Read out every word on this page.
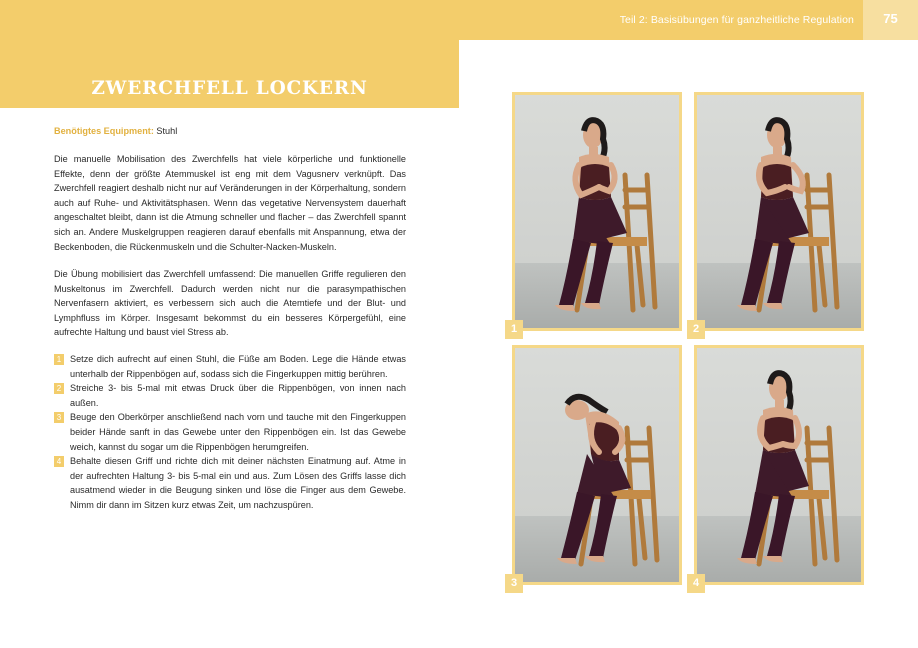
Teil 2: Basisübungen für ganzheitliche Regulation	75
ZWERCHFELL LOCKERN
Benötigtes Equipment: Stuhl
Die manuelle Mobilisation des Zwerchfells hat viele körperliche und funktionelle Effekte, denn der größte Atemmuskel ist eng mit dem Vagusnerv verknüpft. Das Zwerchfell reagiert deshalb nicht nur auf Veränderungen in der Körperhaltung, sondern auch auf Ruhe- und Aktivitätsphasen. Wenn das vegetative Nervensystem dauerhaft angeschaltet bleibt, dann ist die Atmung schneller und flacher – das Zwerchfell spannt sich an. Andere Muskelgruppen reagieren darauf ebenfalls mit Anspannung, etwa der Beckenboden, die Rückenmuskeln und die Schulter-Nacken-Muskeln.
Die Übung mobilisiert das Zwerchfell umfassend: Die manuellen Griffe regulieren den Muskeltonus im Zwerchfell. Dadurch werden nicht nur die parasympathischen Nervenfasern aktiviert, es verbessern sich auch die Atemtiefe und der Blut- und Lymphfluss im Körper. Insgesamt bekommst du ein besseres Körpergefühl, eine aufrechte Haltung und baust viel Stress ab.
1 Setze dich aufrecht auf einen Stuhl, die Füße am Boden. Lege die Hände etwas unterhalb der Rippenbögen auf, sodass sich die Fingerkuppen mittig berühren.
2 Streiche 3- bis 5-mal mit etwas Druck über die Rippenbögen, von innen nach außen.
3 Beuge den Oberkörper anschließend nach vorn und tauche mit den Fingerkuppen beider Hände sanft in das Gewebe unter den Rippenbögen ein. Ist das Gewebe weich, kannst du sogar um die Rippenbögen herumgreifen.
4 Behalte diesen Griff und richte dich mit deiner nächsten Einatmung auf. Atme in der aufrechten Haltung 3- bis 5-mal ein und aus. Zum Lösen des Griffs lasse dich ausatmend wieder in die Beugung sinken und löse die Finger aus dem Gewebe. Nimm dir dann im Sitzen kurz etwas Zeit, um nachzuspüren.
1	2
3	4
